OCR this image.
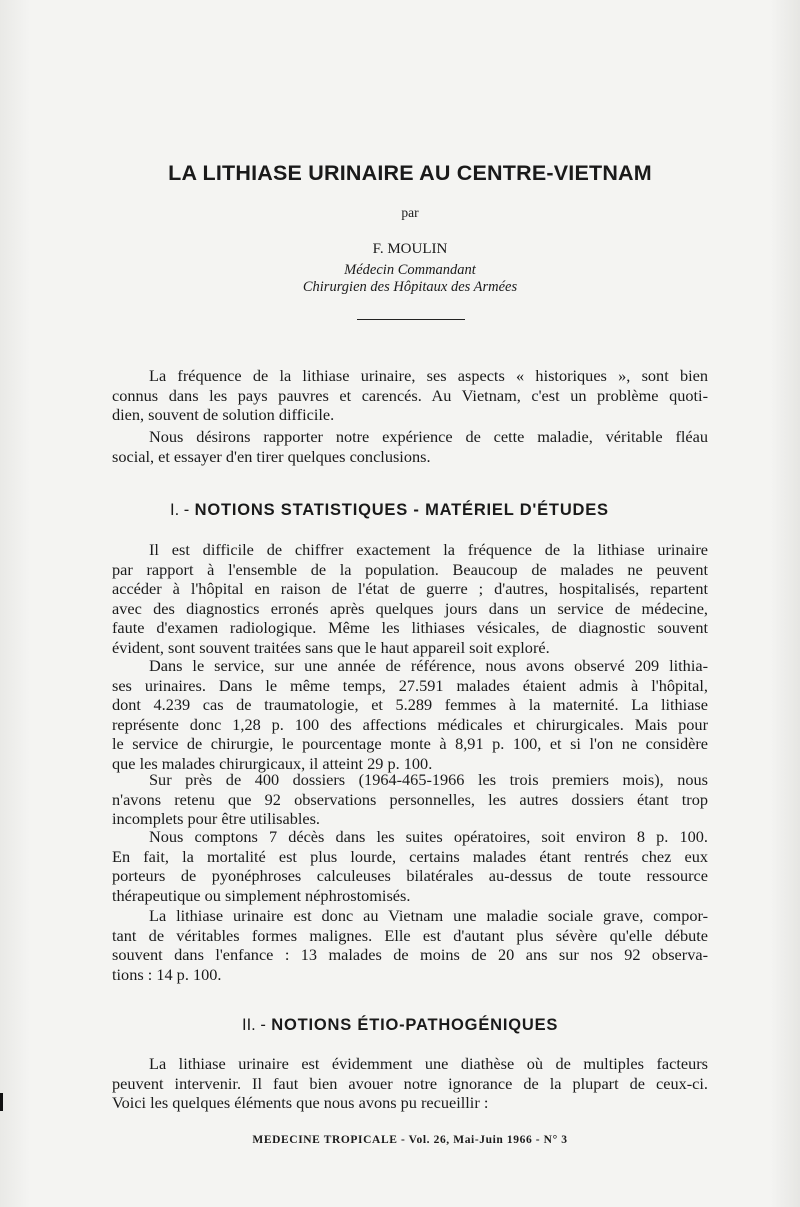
LA LITHIASE URINAIRE AU CENTRE-VIETNAM
par
F. MOULIN
Médecin Commandant
Chirurgien des Hôpitaux des Armées
La fréquence de la lithiase urinaire, ses aspects « historiques », sont bien
connus dans les pays pauvres et carencés. Au Vietnam, c'est un problème quoti-
dien, souvent de solution difficile.
Nous désirons rapporter notre expérience de cette maladie, véritable fléau
social, et essayer d'en tirer quelques conclusions.
I. - NOTIONS STATISTIQUES - MATÉRIEL D'ÉTUDES
Il est difficile de chiffrer exactement la fréquence de la lithiase urinaire
par rapport à l'ensemble de la population. Beaucoup de malades ne peuvent
accéder à l'hôpital en raison de l'état de guerre ; d'autres, hospitalisés, repartent
avec des diagnostics erronés après quelques jours dans un service de médecine,
faute d'examen radiologique. Même les lithiases vésicales, de diagnostic souvent
évident, sont souvent traitées sans que le haut appareil soit exploré.
Dans le service, sur une année de référence, nous avons observé 209 lithia-
ses urinaires. Dans le même temps, 27.591 malades étaient admis à l'hôpital,
dont 4.239 cas de traumatologie, et 5.289 femmes à la maternité. La lithiase
représente donc 1,28 p. 100 des affections médicales et chirurgicales. Mais pour
le service de chirurgie, le pourcentage monte à 8,91 p. 100, et si l'on ne considère
que les malades chirurgicaux, il atteint 29 p. 100.
Sur près de 400 dossiers (1964-465-1966 les trois premiers mois), nous
n'avons retenu que 92 observations personnelles, les autres dossiers étant trop
incomplets pour être utilisables.
Nous comptons 7 décès dans les suites opératoires, soit environ 8 p. 100.
En fait, la mortalité est plus lourde, certains malades étant rentrés chez eux
porteurs de pyonéphroses calculeuses bilatérales au-dessus de toute ressource
thérapeutique ou simplement néphrostomisés.
La lithiase urinaire est donc au Vietnam une maladie sociale grave, compor-
tant de véritables formes malignes. Elle est d'autant plus sévère qu'elle débute
souvent dans l'enfance : 13 malades de moins de 20 ans sur nos 92 observa-
tions : 14 p. 100.
II. - NOTIONS ÉTIO-PATHOGÉNIQUES
La lithiase urinaire est évidemment une diathèse où de multiples facteurs
peuvent intervenir. Il faut bien avouer notre ignorance de la plupart de ceux-ci.
Voici les quelques éléments que nous avons pu recueillir :
MEDECINE TROPICALE - Vol. 26, Mai-Juin 1966 - N° 3
